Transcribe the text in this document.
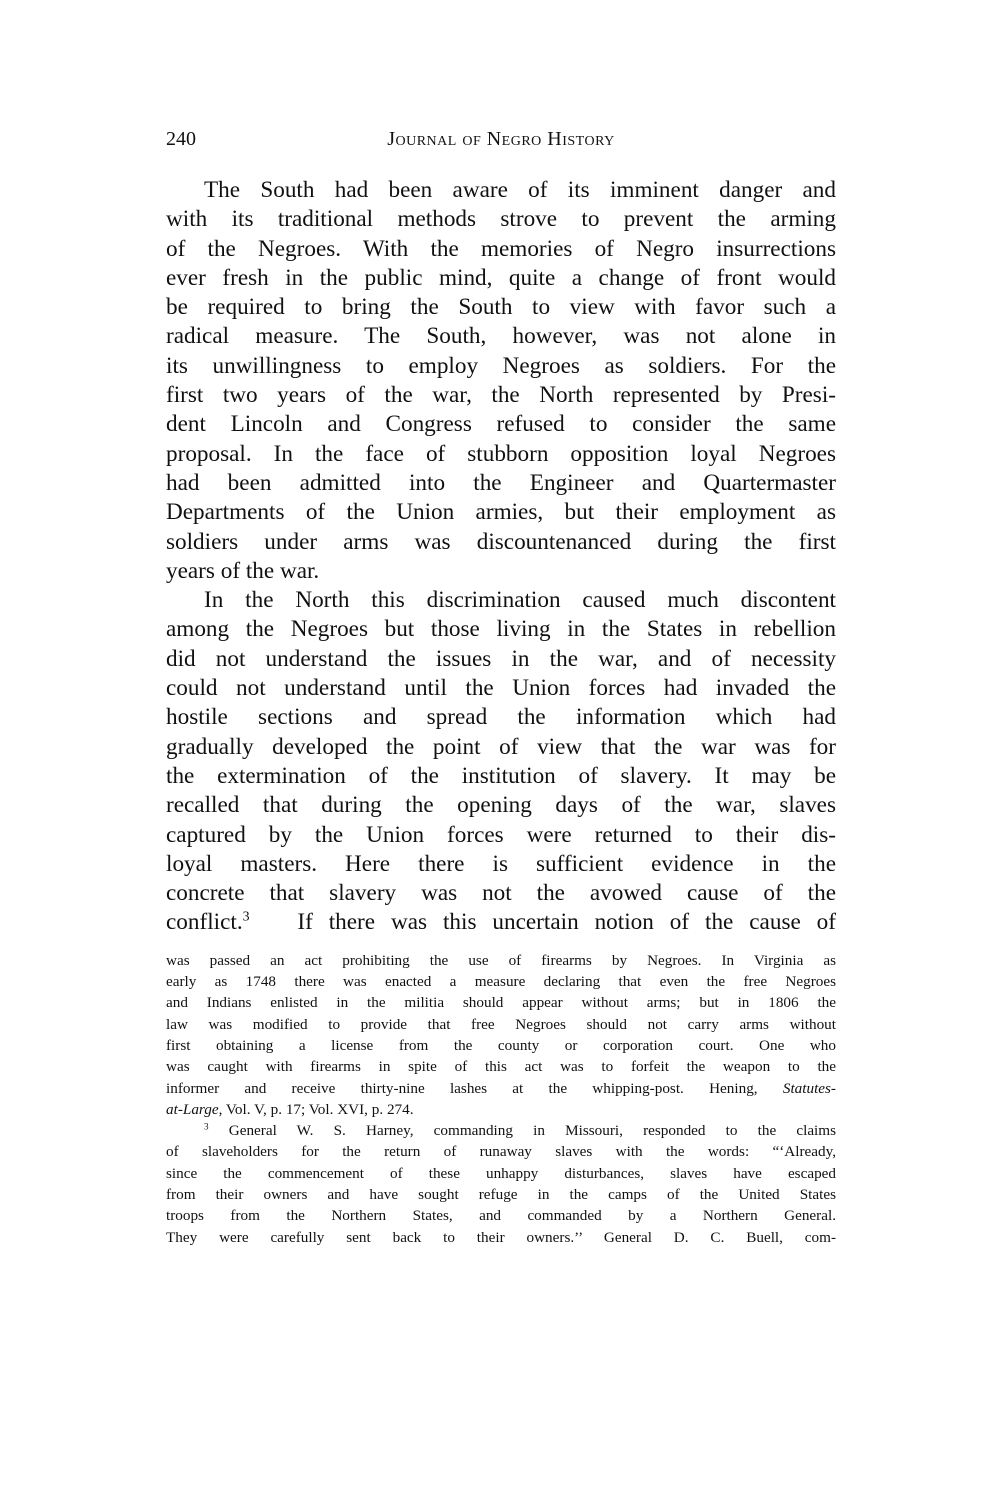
240	Journal of Negro History
The South had been aware of its imminent danger and
with its traditional methods strove to prevent the arming
of the Negroes. With the memories of Negro insurrections
ever fresh in the public mind, quite a change of front would
be required to bring the South to view with favor such a
radical measure. The South, however, was not alone in
its unwillingness to employ Negroes as soldiers. For the
first two years of the war, the North represented by Presi-
dent Lincoln and Congress refused to consider the same
proposal. In the face of stubborn opposition loyal Negroes
had been admitted into the Engineer and Quartermaster
Departments of the Union armies, but their employment as
soldiers under arms was discountenanced during the first
years of the war.
In the North this discrimination caused much discontent
among the Negroes but those living in the States in rebellion
did not understand the issues in the war, and of necessity
could not understand until the Union forces had invaded the
hostile sections and spread the information which had
gradually developed the point of view that the war was for
the extermination of the institution of slavery. It may be
recalled that during the opening days of the war, slaves
captured by the Union forces were returned to their dis-
loyal masters. Here there is sufficient evidence in the
concrete that slavery was not the avowed cause of the
conflict.$^3$ If there was this uncertain notion of the cause of
was passed an act prohibiting the use of firearms by Negroes. In Virginia as
early as 1748 there was enacted a measure declaring that even the free Negroes
and Indians enlisted in the militia should appear without arms; but in 1806 the
law was modified to provide that free Negroes should not carry arms without
first obtaining a license from the county or corporation court. One who
was caught with firearms in spite of this act was to forfeit the weapon to the
informer and receive thirty-nine lashes at the whipping-post. Hening, Statutes-
at-Large, Vol. V, p. 17; Vol. XVI, p. 274.
$^3$ General W. S. Harney, commanding in Missouri, responded to the claims
of slaveholders for the return of runaway slaves with the words: “‘Already,
since the commencement of these unhappy disturbances, slaves have escaped
from their owners and have sought refuge in the camps of the United States
troops from the Northern States, and commanded by a Northern General.
They were carefully sent back to their owners.’’ General D. C. Buell, com-
